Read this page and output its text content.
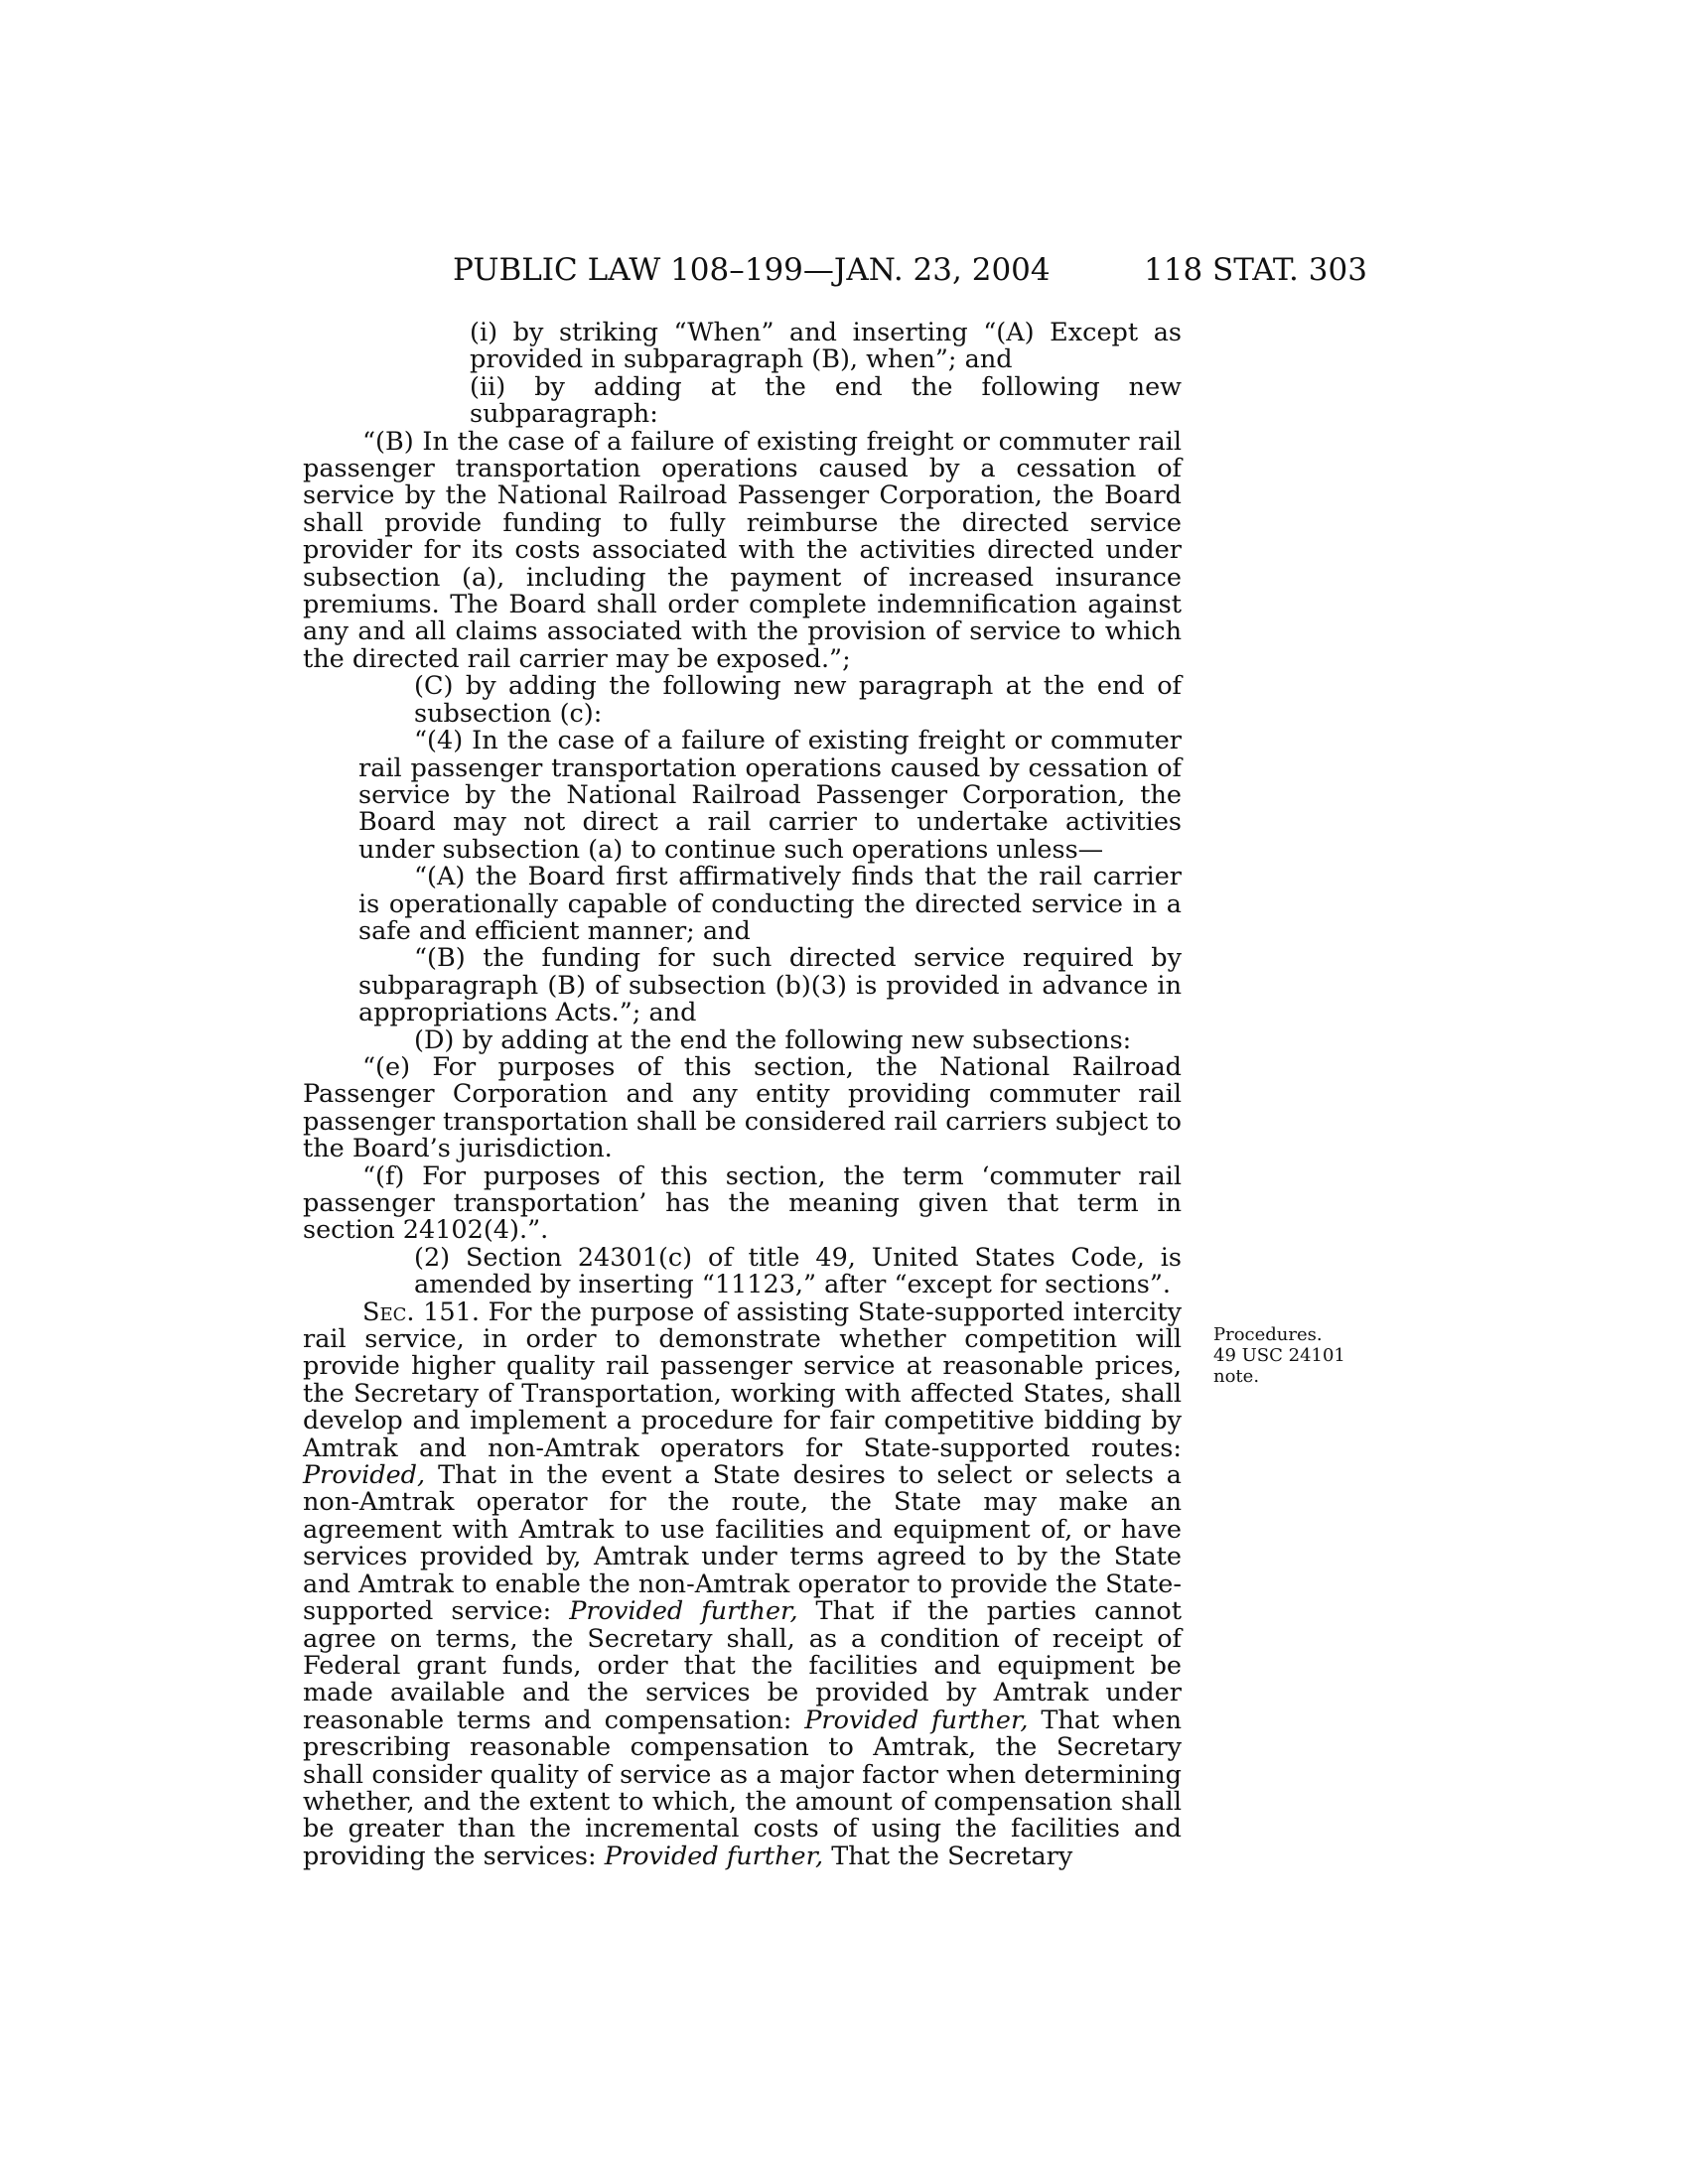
PUBLIC LAW 108–199—JAN. 23, 2004	118 STAT. 303

(i) by striking “When” and inserting “(A) Except as provided in subparagraph (B), when”; and

(ii) by adding at the end the following new subparagraph:

“(B) In the case of a failure of existing freight or commuter rail passenger transportation operations caused by a cessation of service by the National Railroad Passenger Corporation, the Board shall provide funding to fully reimburse the directed service provider for its costs associated with the activities directed under subsection (a), including the payment of increased insurance premiums. The Board shall order complete indemnification against any and all claims associated with the provision of service to which the directed rail carrier may be exposed.”;

(C) by adding the following new paragraph at the end of subsection (c):

“(4) In the case of a failure of existing freight or commuter rail passenger transportation operations caused by cessation of service by the National Railroad Passenger Corporation, the Board may not direct a rail carrier to undertake activities under subsection (a) to continue such operations unless—

“(A) the Board first affirmatively finds that the rail carrier is operationally capable of conducting the directed service in a safe and efficient manner; and

“(B) the funding for such directed service required by subparagraph (B) of subsection (b)(3) is provided in advance in appropriations Acts.”; and

(D) by adding at the end the following new subsections:

“(e) For purposes of this section, the National Railroad Passenger Corporation and any entity providing commuter rail passenger transportation shall be considered rail carriers subject to the Board’s jurisdiction.

“(f) For purposes of this section, the term ‘commuter rail passenger transportation’ has the meaning given that term in section 24102(4).”.

(2) Section 24301(c) of title 49, United States Code, is amended by inserting “11123,” after “except for sections”.

Sec. 151. For the purpose of assisting State-supported intercity rail service, in order to demonstrate whether competition will provide higher quality rail passenger service at reasonable prices, the Secretary of Transportation, working with affected States, shall develop and implement a procedure for fair competitive bidding by Amtrak and non-Amtrak operators for State-supported routes: Provided, That in the event a State desires to select or selects a non-Amtrak operator for the route, the State may make an agreement with Amtrak to use facilities and equipment of, or have services provided by, Amtrak under terms agreed to by the State and Amtrak to enable the non-Amtrak operator to provide the State-supported service: Provided further, That if the parties cannot agree on terms, the Secretary shall, as a condition of receipt of Federal grant funds, order that the facilities and equipment be made available and the services be provided by Amtrak under reasonable terms and compensation: Provided further, That when prescribing reasonable compensation to Amtrak, the Secretary shall consider quality of service as a major factor when determining whether, and the extent to which, the amount of compensation shall be greater than the incremental costs of using the facilities and providing the services: Provided further, That the Secretary

Procedures.
49 USC 24101
note.
